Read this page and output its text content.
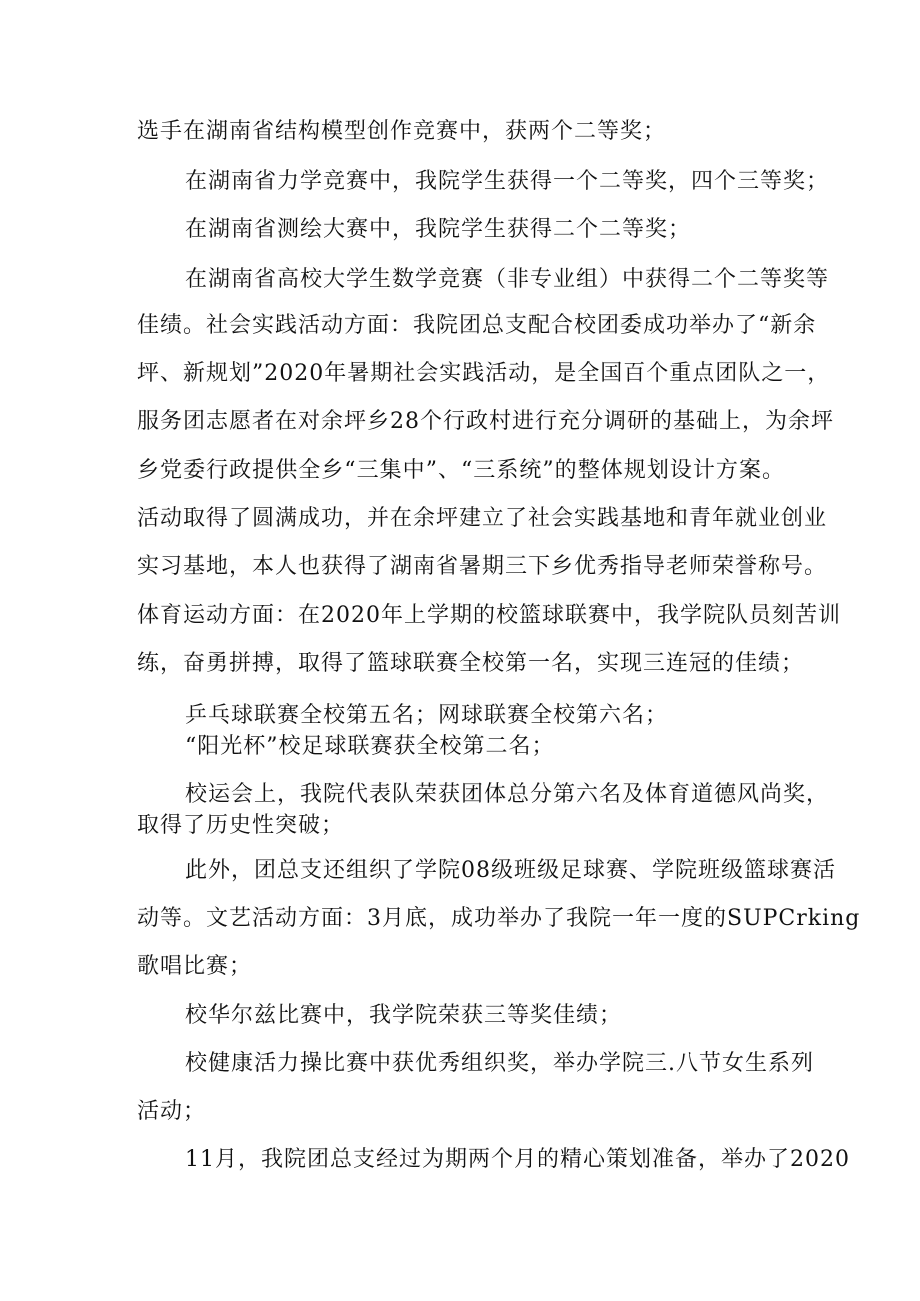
选手在湖南省结构模型创作竞赛中，获两个二等奖；
在湖南省力学竞赛中，我院学生获得一个二等奖，四个三等奖；
在湖南省测绘大赛中，我院学生获得二个二等奖；
在湖南省高校大学生数学竞赛（非专业组）中获得二个二等奖等
佳绩。社会实践活动方面：我院团总支配合校团委成功举办了“新余
坪、新规划”2020年暑期社会实践活动，是全国百个重点团队之一，
服务团志愿者在对余坪乡28个行政村进行充分调研的基础上，为余坪
乡党委行政提供全乡“三集中”、“三系统”的整体规划设计方案。
活动取得了圆满成功，并在余坪建立了社会实践基地和青年就业创业
实习基地，本人也获得了湖南省暑期三下乡优秀指导老师荣誉称号。
体育运动方面：在2020年上学期的校篮球联赛中，我学院队员刻苦训
练，奋勇拼搏，取得了篮球联赛全校第一名，实现三连冠的佳绩；
乒乓球联赛全校第五名；网球联赛全校第六名；
“阳光杯”校足球联赛获全校第二名；
校运会上，我院代表队荣获团体总分第六名及体育道德风尚奖，
取得了历史性突破；
此外，团总支还组织了学院08级班级足球赛、学院班级篮球赛活
动等。文艺活动方面：3月底，成功举办了我院一年一度的SUPCrking
歌唱比赛；
校华尔兹比赛中，我学院荣获三等奖佳绩；
校健康活力操比赛中获优秀组织奖，举办学院三.八节女生系列
活动；
11月，我院团总支经过为期两个月的精心策划准备，举办了2020
